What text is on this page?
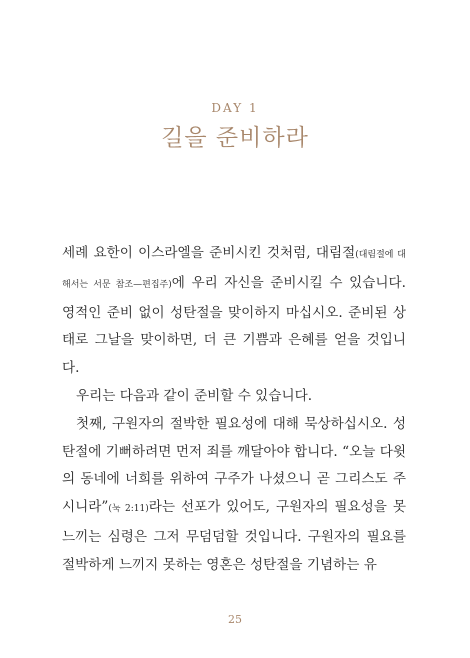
DAY 1
길을 준비하라

세례 요한이 이스라엘을 준비시킨 것처럼, 대림절(대림절에 대해서는 서문 참조—편집주)에 우리 자신을 준비시킬 수 있습니다. 영적인 준비 없이 성탄절을 맞이하지 마십시오. 준비된 상태로 그날을 맞이하면, 더 큰 기쁨과 은혜를 얻을 것입니다.

우리는 다음과 같이 준비할 수 있습니다.

첫째, 구원자의 절박한 필요성에 대해 묵상하십시오. 성탄절에 기뻐하려면 먼저 죄를 깨달아야 합니다. “오늘 다윗의 동네에 너희를 위하여 구주가 나셨으니 곧 그리스도 주시니라”(눅 2:11)라는 선포가 있어도, 구원자의 필요성을 못 느끼는 심령은 그저 무덤덤할 것입니다. 구원자의 필요를 절박하게 느끼지 못하는 영혼은 성탄절을 기념하는 유

25
